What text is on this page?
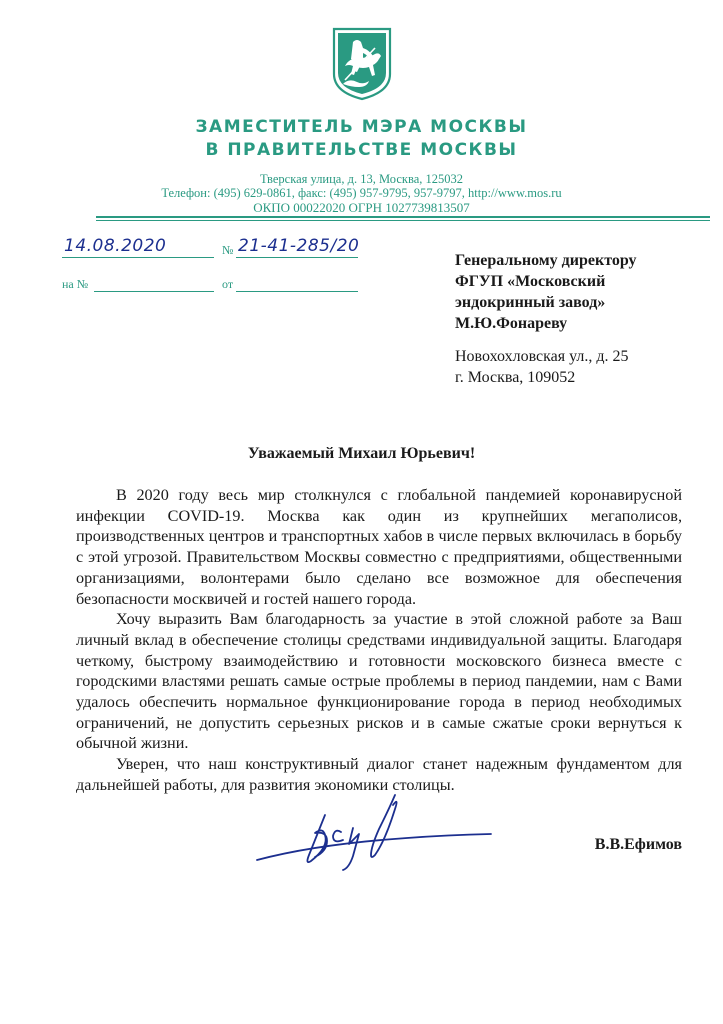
ЗАМЕСТИТЕЛЬ МЭРА МОСКВЫ
В ПРАВИТЕЛЬСТВЕ МОСКВЫ
Тверская улица, д. 13, Москва, 125032
Телефон: (495) 629-0861, факс: (495) 957-9795, 957-9797, http://www.mos.ru
ОКПО 00022020 ОГРН 1027739813507
14.08.2020	№ 21-41-285/20
на №	от
Генеральному директору
ФГУП «Московский
эндокринный завод»
М.Ю.Фонареву
Новохохловская ул., д. 25
г. Москва, 109052
Уважаемый Михаил Юрьевич!

В 2020 году весь мир столкнулся с глобальной пандемией коронавирусной инфекции COVID-19. Москва как один из крупнейших мегаполисов, производственных центров и транспортных хабов в числе первых включилась в борьбу с этой угрозой. Правительством Москвы совместно с предприятиями, общественными организациями, волонтерами было сделано все возможное для обеспечения безопасности москвичей и гостей нашего города.

Хочу выразить Вам благодарность за участие в этой сложной работе за Ваш личный вклад в обеспечение столицы средствами индивидуальной защиты. Благодаря четкому, быстрому взаимодействию и готовности московского бизнеса вместе с городскими властями решать самые острые проблемы в период пандемии, нам с Вами удалось обеспечить нормальное функционирование города в период необходимых ограничений, не допустить серьезных рисков и в самые сжатые сроки вернуться к обычной жизни.

Уверен, что наш конструктивный диалог станет надежным фундаментом для дальнейшей работы, для развития экономики столицы.

В.В.Ефимов
